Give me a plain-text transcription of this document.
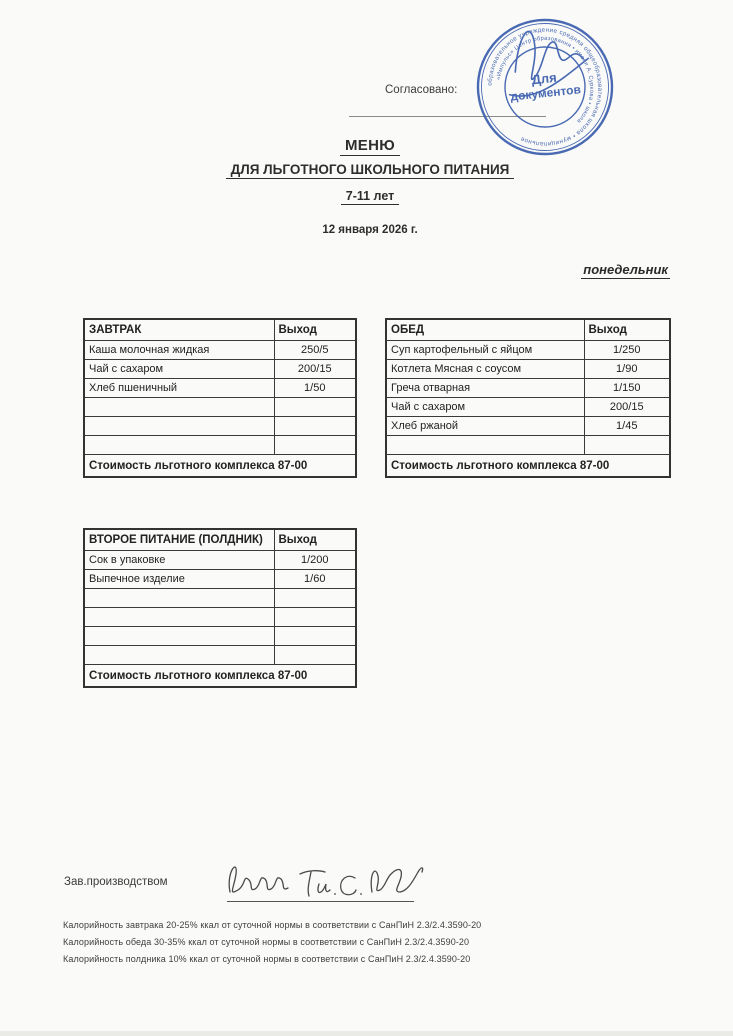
Согласовано:
образовательное учреждение средняя общеобразовательная школа • муниципальное
«Импульс» Центр образования • имени А. Суркова • школа
Для
документов
МЕНЮ
ДЛЯ ЛЬГОТНОГО ШКОЛЬНОГО ПИТАНИЯ
7-11 лет
12 января 2026 г.
понедельник
ЗАВТРАК	Выход
Каша молочная жидкая	250/5
Чай с сахаром	200/15
Хлеб пшеничный	1/50

Стоимость льготного комплекса 87-00	
ОБЕД	Выход
Суп картофельный с яйцом	1/250
Котлета Мясная с соусом	1/90
Греча отварная	1/150
Чай с сахаром	200/15
Хлеб ржаной	1/45

Стоимость льготного комплекса 87-00	
ВТОРОЕ ПИТАНИЕ (ПОЛДНИК)	Выход
Сок в упаковке	1/200
Выпечное изделие	1/60

Стоимость льготного комплекса 87-00	
Зав.производством
Калорийность завтрака 20-25% ккал от суточной нормы в соответствии с СанПиН 2.3/2.4.3590-20
Калорийность обеда 30-35% ккал от суточной нормы в соответствии с СанПиН 2.3/2.4.3590-20
Калорийность полдника 10% ккал от суточной нормы в соответствии с СанПиН 2.3/2.4.3590-20
